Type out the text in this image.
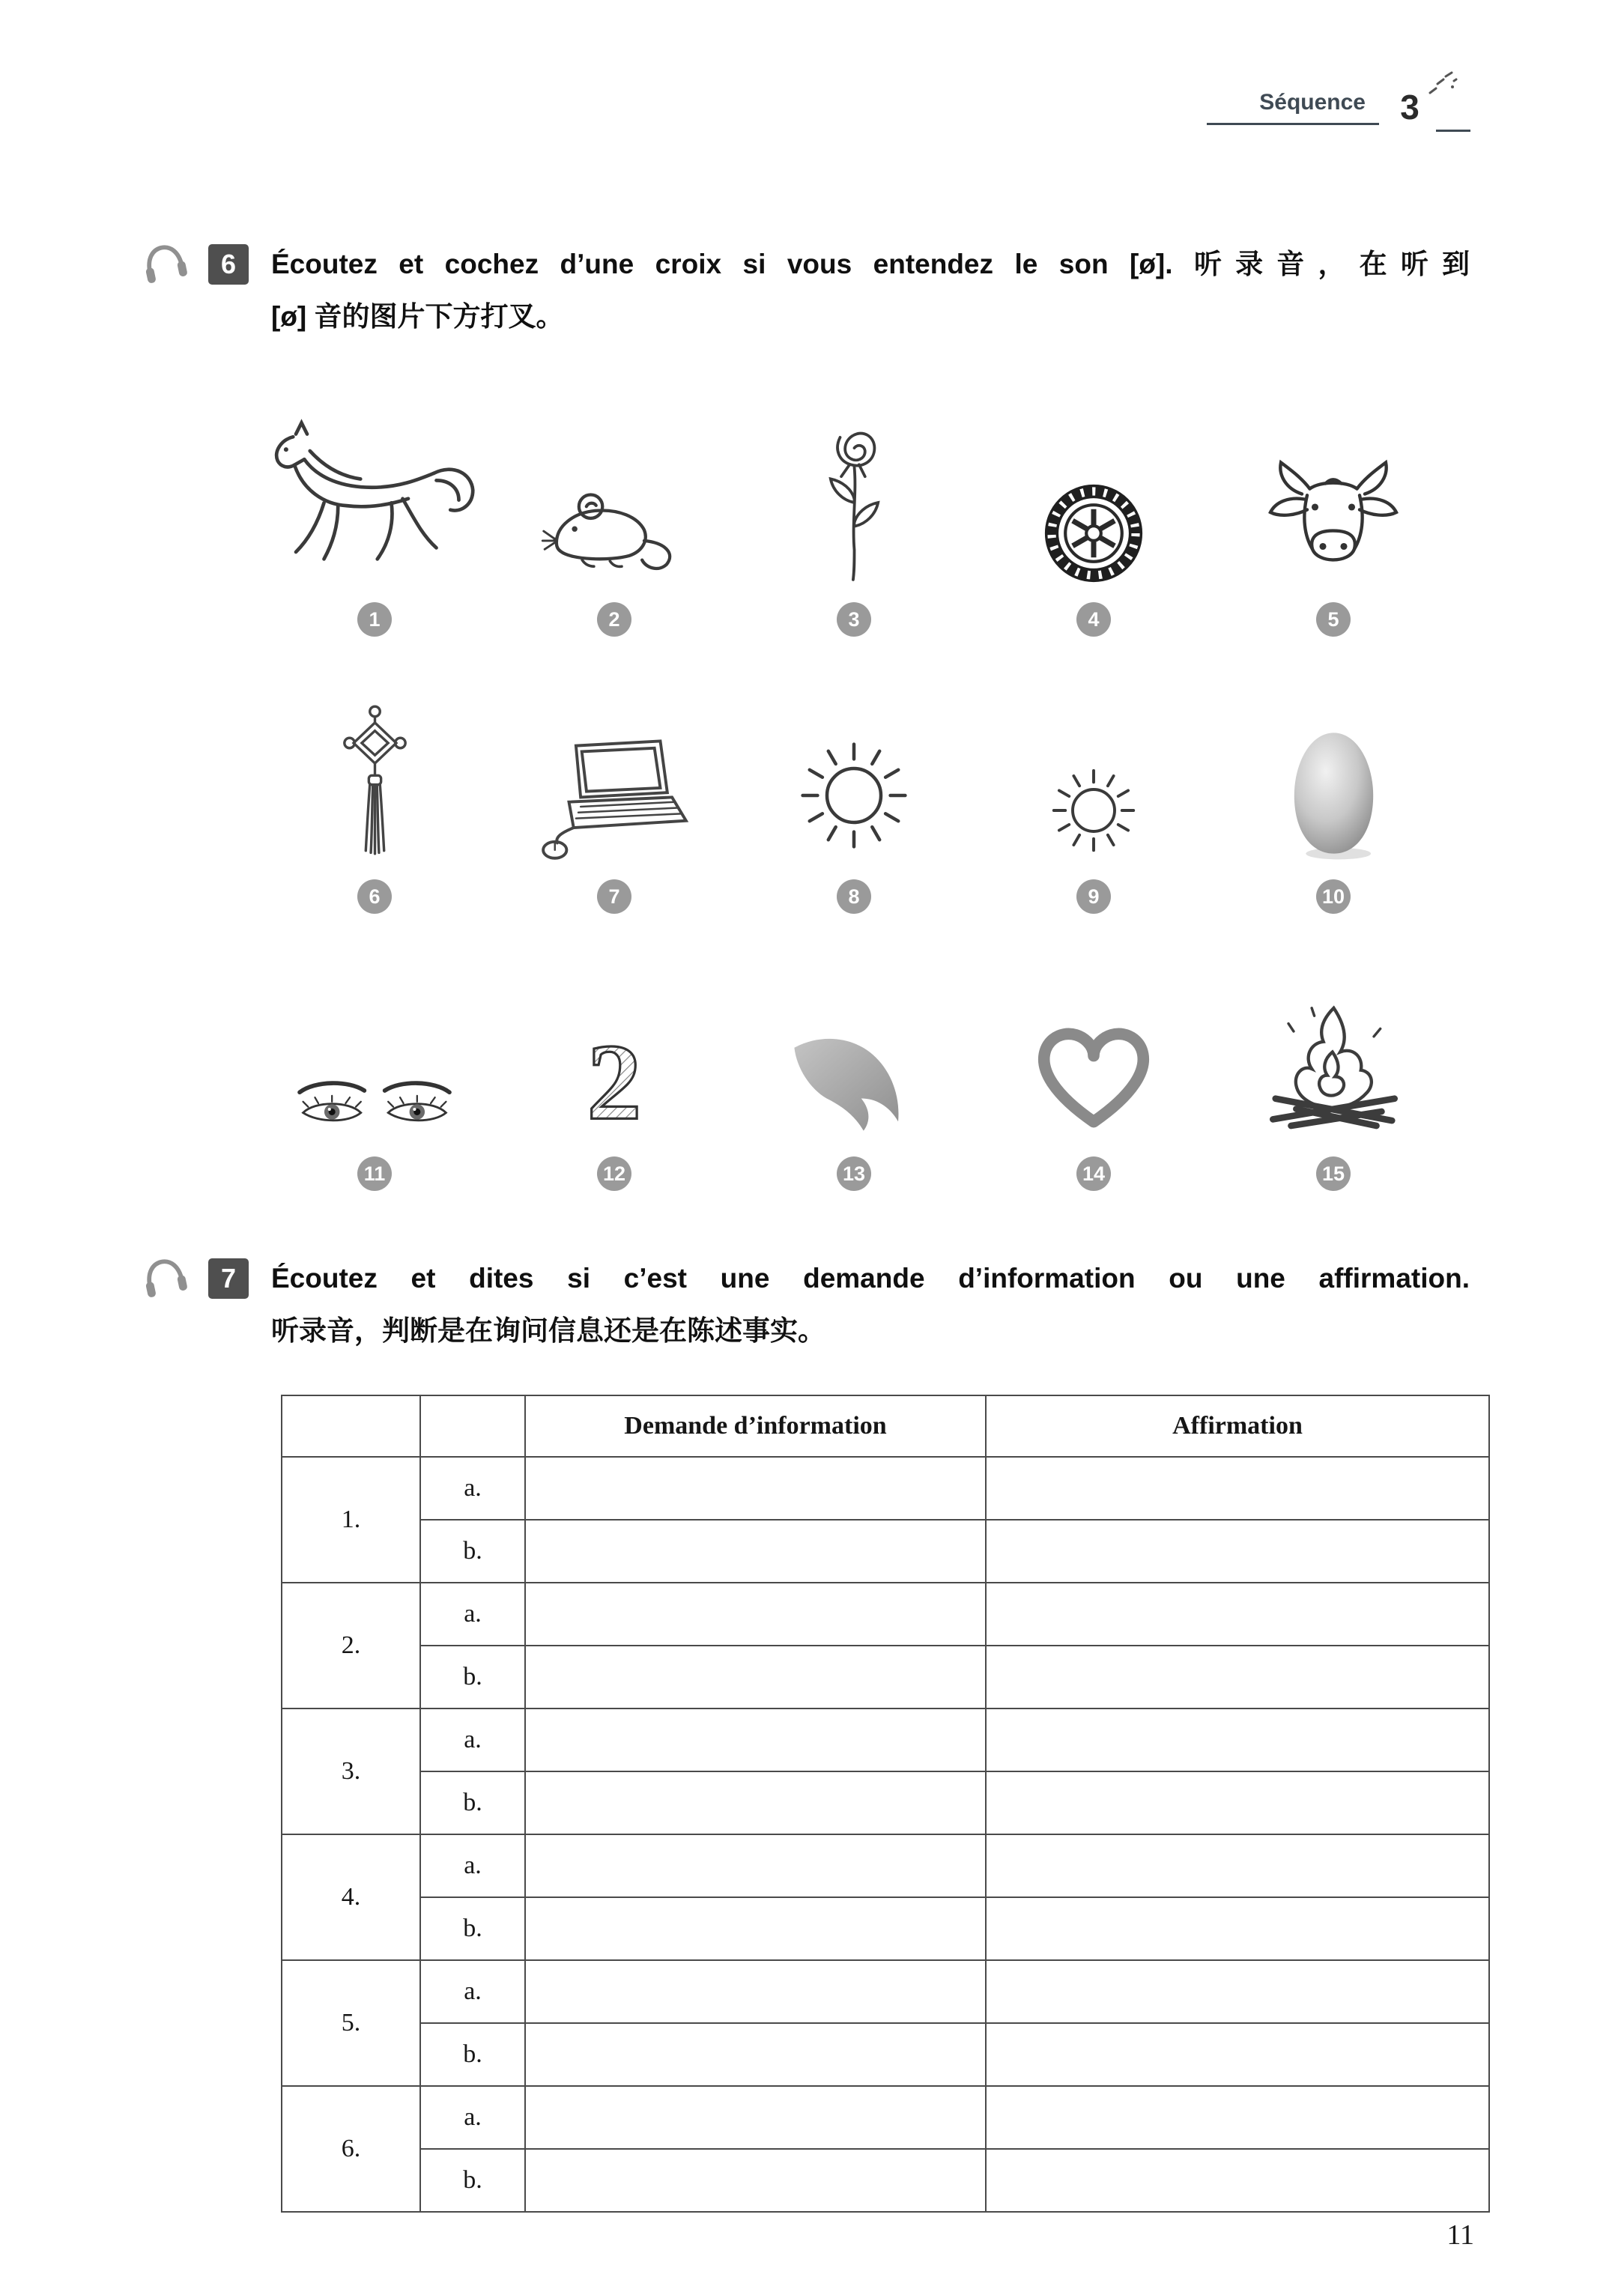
Séquence	3
6	Écoutez et cochez d’une croix si vous entendez le son [ø]. 听录音，在听到
[ø] 音的图片下方打叉。
1	2	3	4	5
6	7	8	9	10
11
2
12	13	14	15
7	Écoutez et dites si c’est une demande d’information ou une affirmation.
听录音，判断是在询问信息还是在陈述事实。
		Demande d’information	Affirmation
1.	a.		
	b.		
2.	a.		
	b.		
3.	a.		
	b.		
4.	a.		
	b.		
5.	a.		
	b.		
6.	a.		
	b.		
11
